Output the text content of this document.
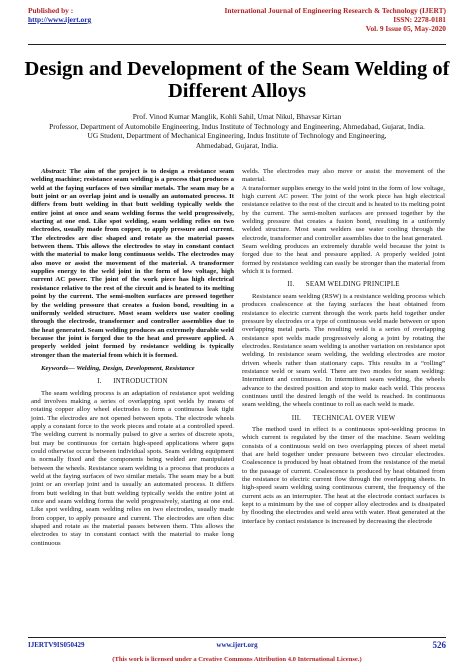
Published by :
http://www.ijert.org
International Journal of Engineering Research & Technology (IJERT)
ISSN: 2278-0181
Vol. 9 Issue 05, May-2020
Design and Development of the Seam Welding of
Different Alloys
Prof. Vinod Kumar Manglik, Kohli Sahil, Umat Nikul, Bhavsar Kirtan
Professor, Department of Automobile Engineering, Indus Institute of Technology and Engineering, Ahmedabad, Gujarat, India.
UG Student, Department of Mechanical Engineering, Indus Institute of Technology and Engineering,
Ahmedabad, Gujarat, India.

Abstract: The aim of the project is to design a resistance seam welding machine; resistance seam welding is a process that produces a weld at the faying surfaces of two similar metals. The seam may be a butt joint or an overlap joint and is usually an automated process. It differs from butt welding in that butt welding typically welds the entire joint at once and seam welding forms the weld progressively, starting at one end. Like spot welding, seam welding relies on two electrodes, usually made from copper, to apply pressure and current. The electrodes are disc shaped and rotate as the material passes between them. This allows the electrodes to stay in constant contact with the material to make long continuous welds. The electrodes may also move or assist the movement of the material. A transformer supplies energy to the weld joint in the form of low voltage, high current AC power. The joint of the work piece has high electrical resistance relative to the rest of the circuit and is heated to its melting point by the current. The semi-molten surfaces are pressed together by the welding pressure that creates a fusion bond, resulting in a uniformly welded structure. Most seam welders use water cooling through the electrode, transformer and controller assemblies due to the heat generated. Seam welding produces an extremely durable weld because the joint is forged due to the heat and pressure applied. A properly welded joint formed by resistance welding is typically stronger than the material from which it is formed.

Keywords— Welding, Design, Development, Resistance

I.      INTRODUCTION

The seam welding process is an adaptation of resistance spot welding and involves making a series of overlapping spot welds by means of rotating copper alloy wheel electrodes to form a continuous leak tight joint. The electrodes are not opened between spots. The electrode wheels apply a constant force to the work pieces and rotate at a controlled speed. The welding current is normally pulsed to give a series of discrete spots, but may be continuous for certain high-speed applications where gaps could otherwise occur between individual spots. Seam welding equipment is normally fixed and the components being welded are manipulated between the wheels. Resistance seam welding is a process that produces a weld at the faying surfaces of two similar metals. The seam may be a butt joint or an overlap joint and is usually an automated process. It differs from butt welding in that butt welding typically welds the entire joint at once and seam welding forms the weld progressively, starting at one end. Like spot welding, seam welding relies on two electrodes, usually made from copper, to apply pressure and current. The electrodes are often disc shaped and rotate as the material passes between them. This allows the electrodes to stay in constant contact with the material to make long continuous

welds. The electrodes may also move or assist the movement of the material.

A transformer supplies energy to the weld joint in the form of low voltage, high current AC power. The joint of the work piece has high electrical resistance relative to the rest of the circuit and is heated to its melting point by the current. The semi-molten surfaces are pressed together by the welding pressure that creates a fusion bond, resulting in a uniformly welded structure. Most seam welders use water cooling through the electrode, transformer and controller assemblies due to the heat generated.

Seam welding produces an extremely durable weld because the joint is forged due to the heat and pressure applied. A properly welded joint formed by resistance welding can easily be stronger than the material from which it is formed.

II.      SEAM WELDING PRINCIPLE

Resistance seam welding (RSW) is a resistance welding process which produces coalescence at the faying surfaces the heat obtained from resistance to electric current through the work parts held together under pressure by electrodes or a type of continuous weld made between or upon overlapping metal parts. The resulting weld is a series of overlapping resistance spot welds made progressively along a joint by rotating the electrodes. Resistance seam welding is another variation on resistance spot welding. In resistance seam welding, the welding electrodes are motor driven wheels rather than stationary caps. This results in a “rolling” resistance weld or seam weld. There are two modes for seam welding: Intermittent and continuous. In intermittent seam welding, the wheels advance to the desired position and stop to make each weld. This process continues until the desired length of the weld is reached. In continuous seam welding, the wheels continue to roll as each weld is made.

III.      TECHNICAL OVER VIEW

The method used in effect is a continuous spot-welding process in which current is regulated by the timer of the machine. Seam welding consists of a continuous weld on two overlapping pieces of sheet metal that are held together under pressure between two circular electrodes. Coalescence is produced by heat obtained from the resistance of the metal to the passage of current. Coalescence is produced by heat obtained from the resistance to electric current flow through the overlapping sheets. In high-speed seam welding using continuous current, the frequency of the current acts as an interrupter. The heat at the electrode contact surfaces is kept to a minimum by the use of copper alloy electrodes and is dissipated by flooding the electrodes and weld area with water. Heat generated at the interface by contact resistance is increased by decreasing the electrode

IJERTV9IS050429	www.ijert.org	526
(This work is licensed under a Creative Commons Attribution 4.0 International License.)
